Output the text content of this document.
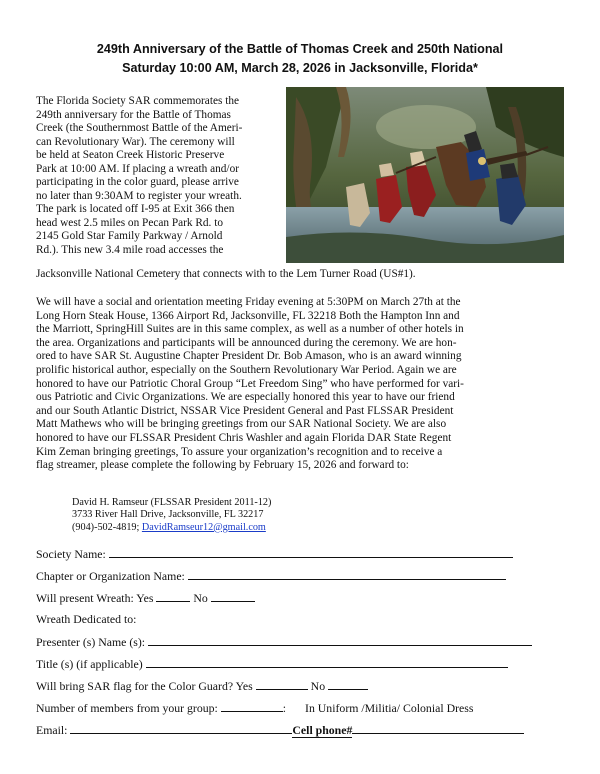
249th Anniversary of the Battle of Thomas Creek and 250th National
Saturday 10:00 AM, March 28, 2026 in Jacksonville, Florida*
The Florida Society SAR commemorates the
249th anniversary for the Battle of Thomas
Creek (the Southernmost Battle of the Ameri-
can Revolutionary War). The ceremony will
be held at Seaton Creek Historic Preserve
Park at 10:00 AM. If placing a wreath and/or
participating in the color guard, please arrive
no later than 9:30AM to register your wreath.
The park is located off I-95 at Exit 366 then
head west 2.5 miles on Pecan Park Rd. to
2145 Gold Star Family Parkway / Arnold
Rd.). This new 3.4 mile road accesses the
Jacksonville National Cemetery that connects with to the Lem Turner Road (US#1).
We will have a social and orientation meeting Friday evening at 5:30PM on March 27th at the
Long Horn Steak House, 1366 Airport Rd, Jacksonville, FL 32218 Both the Hampton Inn and
the Marriott, SpringHill Suites are in this same complex, as well as a number of other hotels in
the area. Organizations and participants will be announced during the ceremony. We are hon-
ored to have SAR St. Augustine Chapter President Dr. Bob Amason, who is an award winning
prolific historical author, especially on the Southern Revolutionary War Period. Again we are
honored to have our Patriotic Choral Group “Let Freedom Sing” who have performed for vari-
ous Patriotic and Civic Organizations. We are especially honored this year to have our friend
and our South Atlantic District, NSSAR Vice President General and Past FLSSAR President
Matt Mathews who will be bringing greetings from our SAR National Society. We are also
honored to have our FLSSAR President Chris Washler and again Florida DAR State Regent
Kim Zeman bringing greetings, To assure your organization’s recognition and to receive a
flag streamer, please complete the following by February 15, 2026 and forward to:
David H. Ramseur (FLSSAR President 2011-12)
3733 River Hall Drive, Jacksonville, FL 32217
(904)-502-4819; DavidRamseur12@gmail.com
Society Name:
Chapter or Organization Name:
Will present Wreath: Yes	No
Wreath Dedicated to:
Presenter (s) Name (s):
Title (s) (if applicable)
Will bring SAR flag for the Color Guard? Yes	No
Number of members from your group:	: In Uniform /Militia/ Colonial Dress
Email:	Cell phone#
